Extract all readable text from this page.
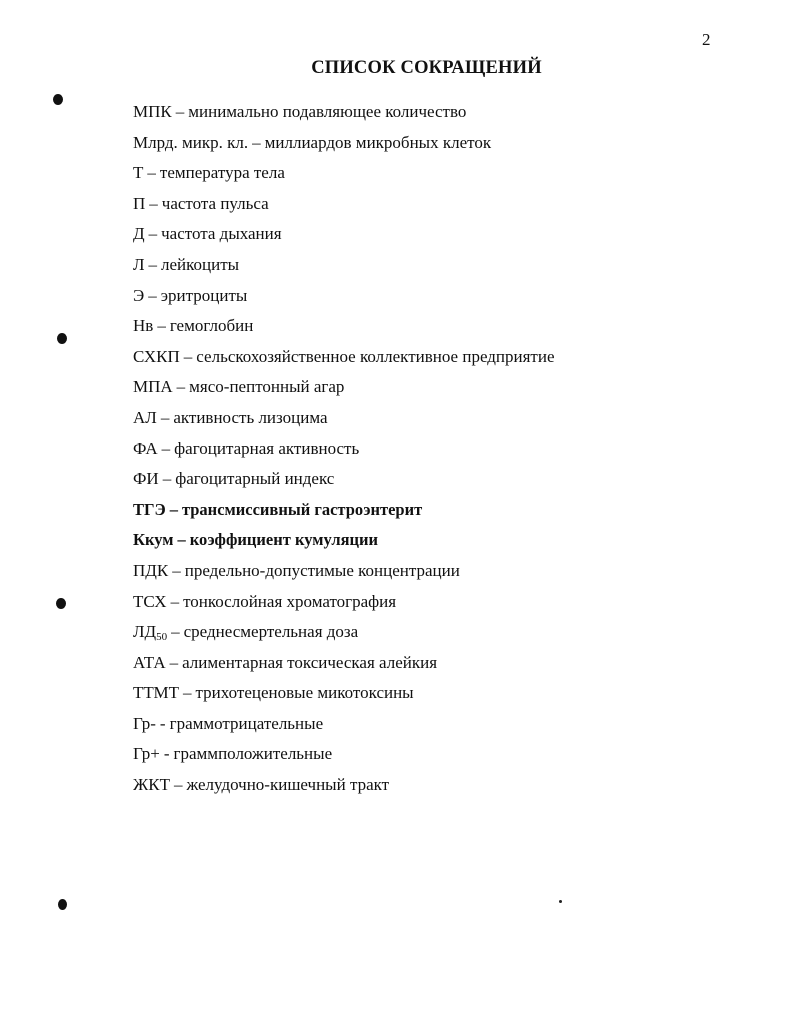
2
СПИСОК СОКРАЩЕНИЙ
МПК – минимально подавляющее количество
Млрд. микр. кл. – миллиардов микробных клеток
Т – температура тела
П – частота пульса
Д – частота дыхания
Л – лейкоциты
Э – эритроциты
Нв – гемоглобин
СХКП – сельскохозяйственное коллективное предприятие
МПА – мясо-пептонный агар
АЛ – активность лизоцима
ФА – фагоцитарная активность
ФИ – фагоцитарный индекс
ТГЭ – трансмиссивный гастроэнтерит
Ккум – коэффициент кумуляции
ПДК – предельно-допустимые концентрации
ТСХ – тонкослойная хроматография
$ЛД_{50}$ – среднесмертельная доза
АТА – алиментарная токсическая алейкия
ТТМТ – трихотеценовые микотоксины
Гр- - граммотрицательные
Гр+ - граммположительные
ЖКТ – желудочно-кишечный тракт
